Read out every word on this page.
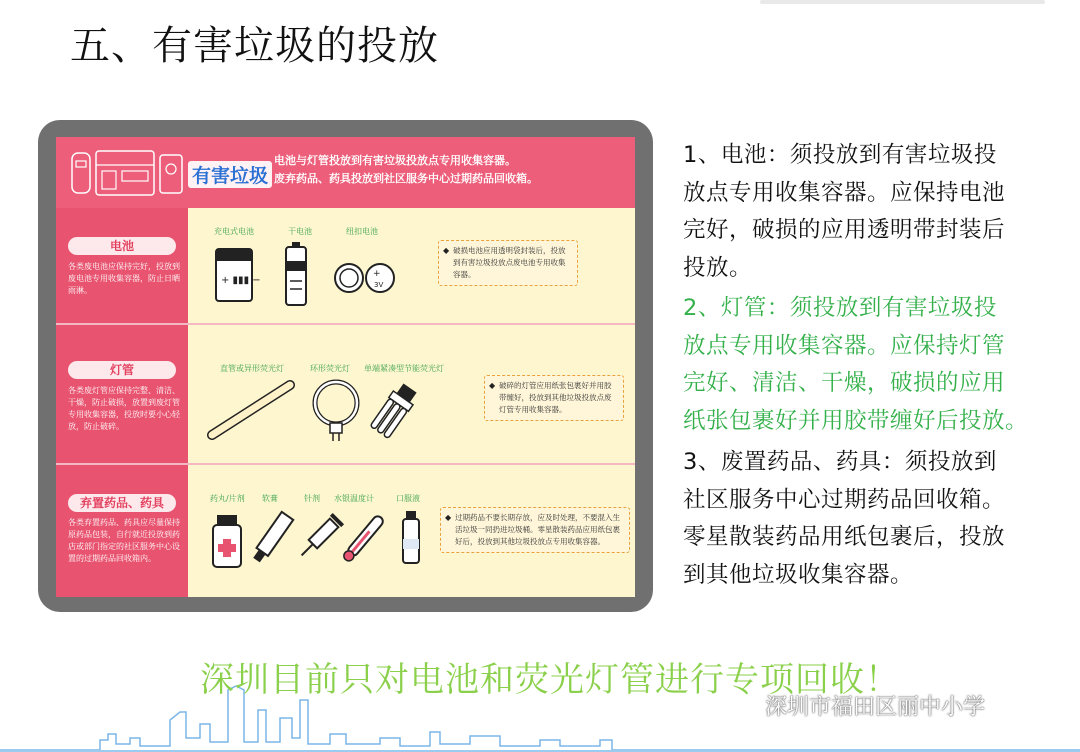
五、有害垃圾的投放
有害垃圾
电池与灯管投放到有害垃圾投放点专用收集容器。
废弃药品、药具投放到社区服务中心过期药品回收箱。
电池
各类废电池应保持完好，投放到废电池专用收集容器，防止日晒雨淋。
充电式电池	干电池	纽扣电池
+ ▮▮▮ −
+
3V
◆ 破损电池应用透明袋封装后，投放到有害垃圾投放点废电池专用收集容器。
灯管
各类废灯管应保持完整、清洁、干燥，防止破损，放置到废灯管专用收集容器，投放时要小心轻放，防止破碎。
直管或异形荧光灯	环形荧光灯 单端紧凑型节能荧光灯
◆ 破碎的灯管应用纸张包裹好并用胶带缠好，投放到其他垃圾投放点废灯管专用收集容器。
弃置药品、药具
各类弃置药品、药具应尽量保持原药品包装，自行就近投放到药店或部门指定的社区服务中心设置的过期药品回收箱内。
药丸/片剂 软膏	针剂 水银温度计	口服液
◆ 过期药品不要长期存放，应及时处理，不要混入生活垃圾一同扔进垃圾桶。零星散装药品应用纸包裹好后，投放到其他垃圾投放点专用收集容器。
1、电池：须投放到有害垃圾投
放点专用收集容器。应保持电池
完好，破损的应用透明带封装后
投放。
2、灯管：须投放到有害垃圾投
放点专用收集容器。应保持灯管
完好、清洁、干燥，破损的应用
纸张包裹好并用胶带缠好后投放。
3、废置药品、药具：须投放到
社区服务中心过期药品回收箱。
零星散装药品用纸包裹后，投放
到其他垃圾收集容器。
深圳目前只对电池和荧光灯管进行专项回收！
深圳市福田区丽中小学
